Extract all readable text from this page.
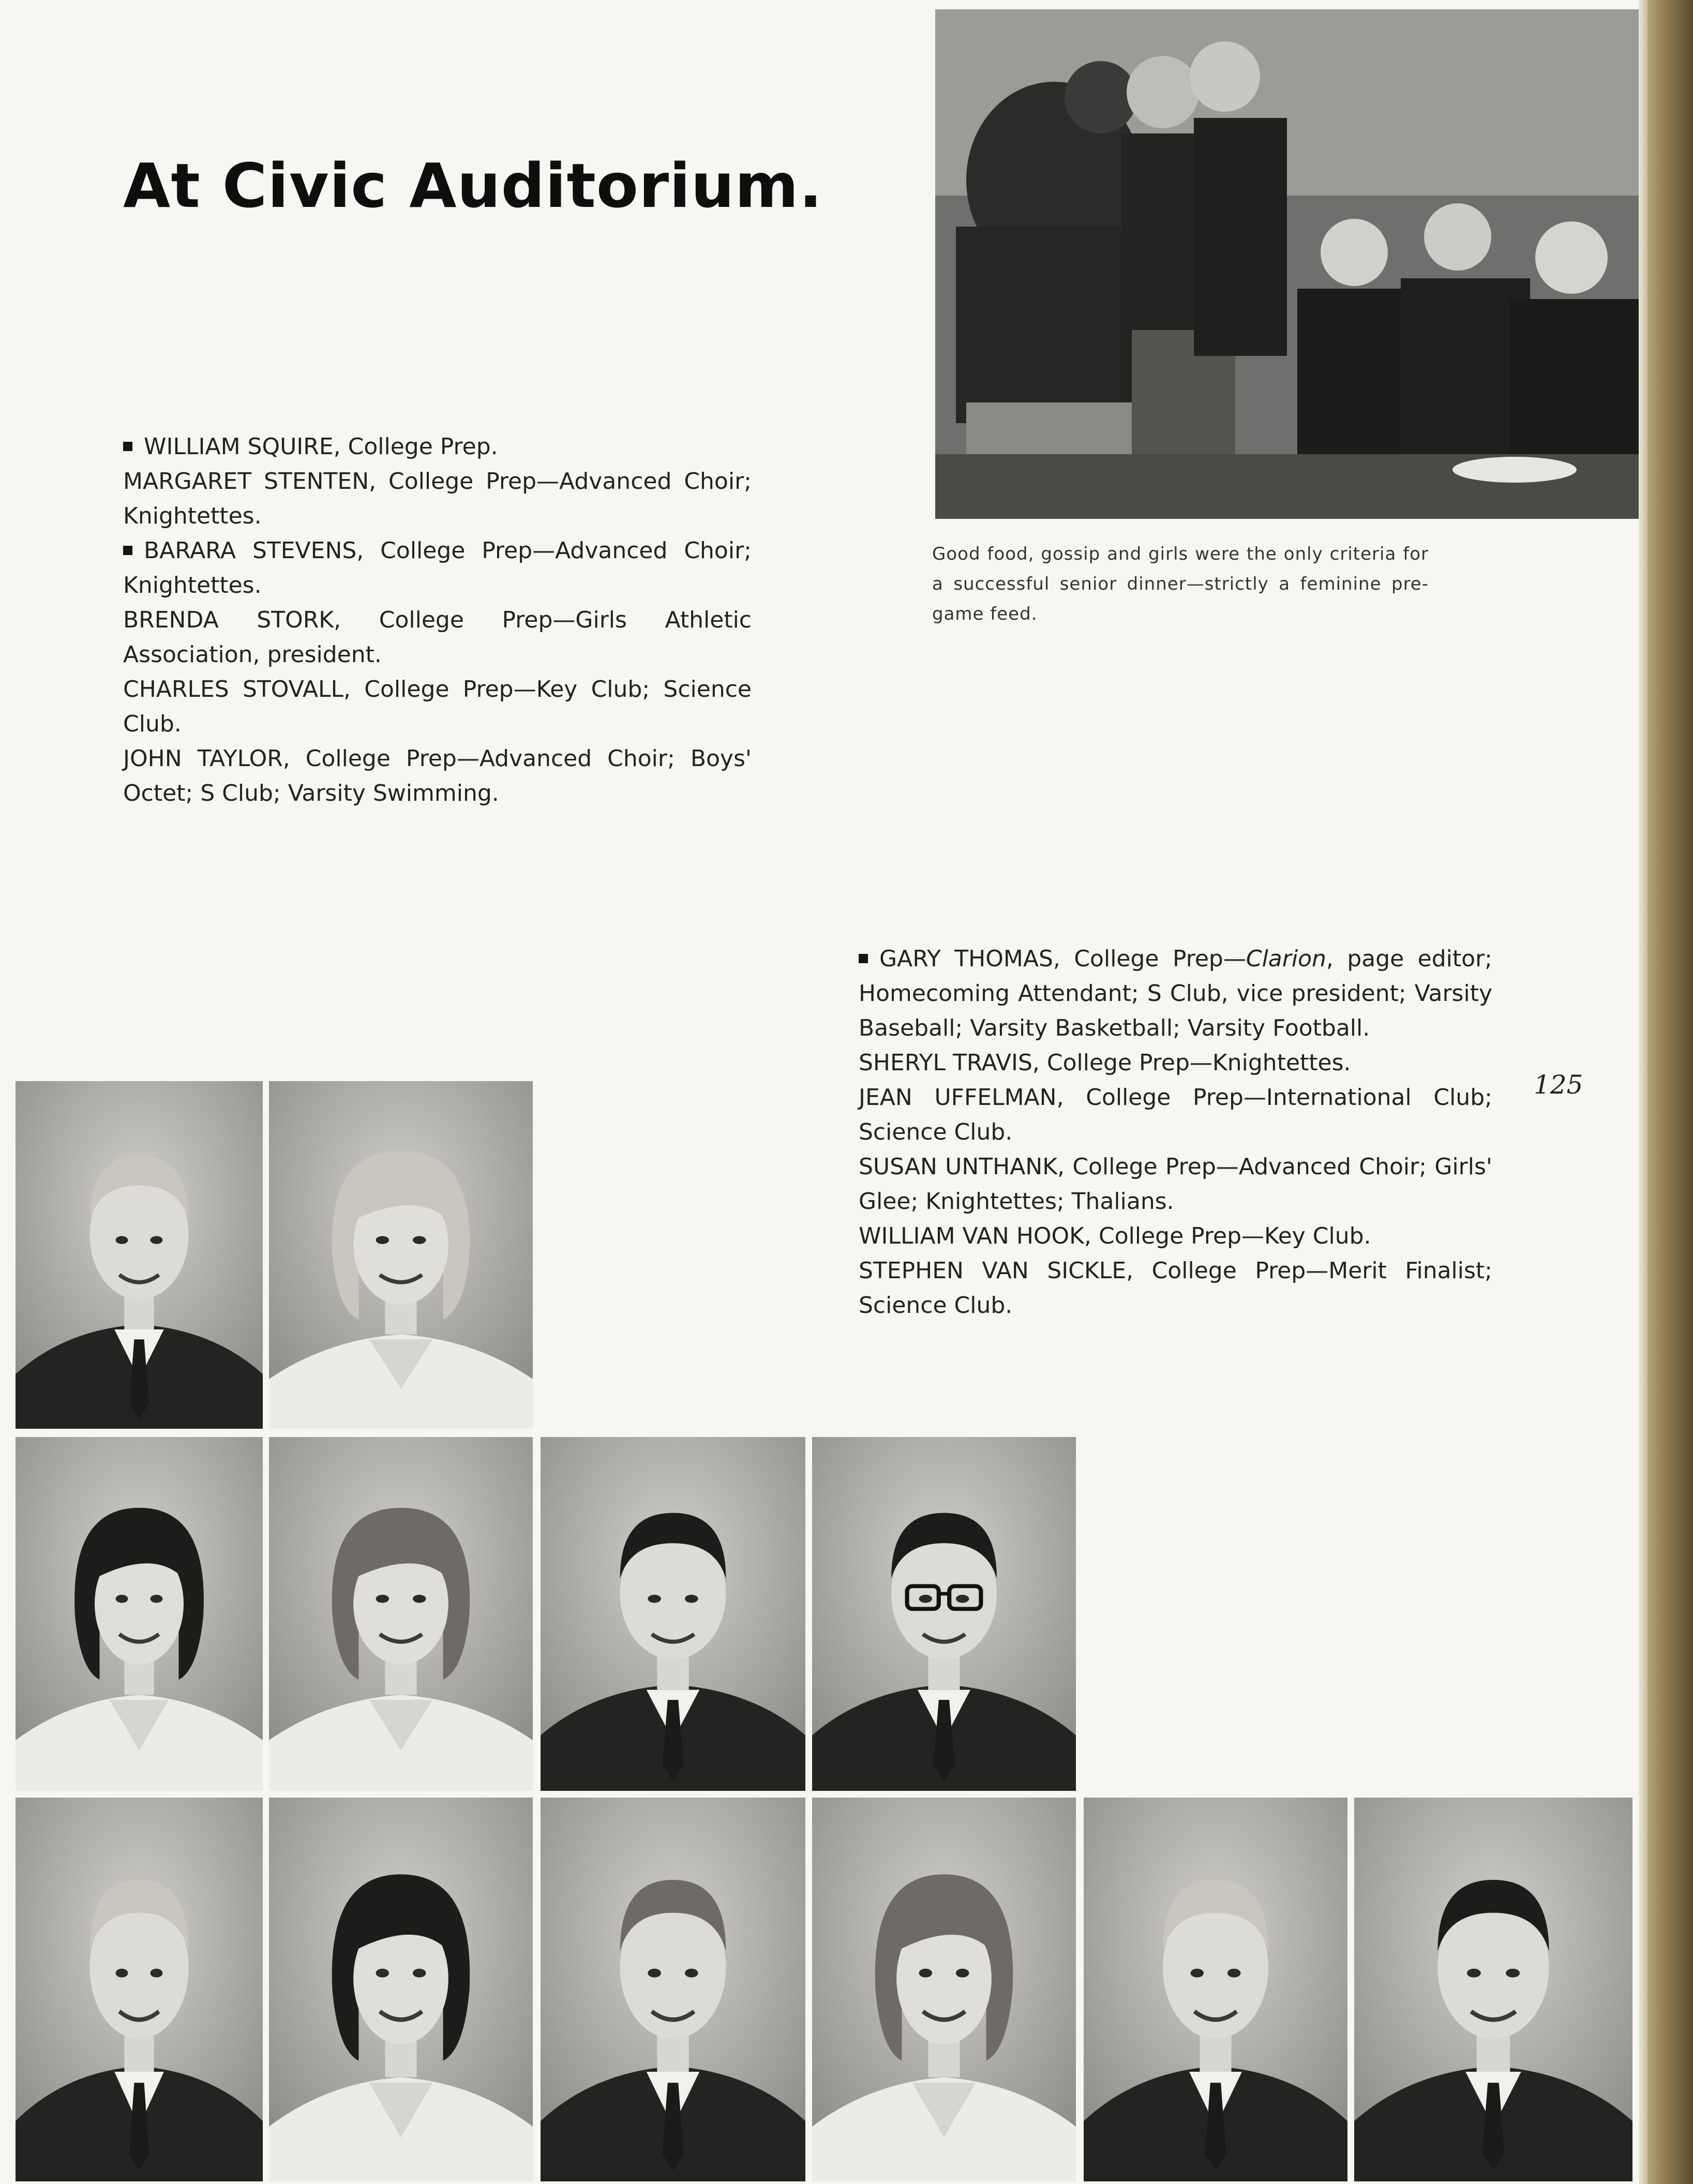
At Civic Auditorium.

WILLIAM SQUIRE, College Prep.

MARGARET STENTEN, College Prep—Advanced Choir; Knightettes.

BARARA STEVENS, College Prep—Advanced Choir; Knightettes.

BRENDA STORK, College Prep—Girls Athletic Association, president.

CHARLES STOVALL, College Prep—Key Club; Science Club.

JOHN TAYLOR, College Prep—Advanced Choir; Boys' Octet; S Club; Varsity Swimming.

Good food, gossip and girls were the only criteria for a successful senior dinner—strictly a feminine pre-game feed.

GARY THOMAS, College Prep—Clarion, page editor; Homecoming Attendant; S Club, vice president; Varsity Baseball; Varsity Basketball; Varsity Football.

SHERYL TRAVIS, College Prep—Knightettes.

JEAN UFFELMAN, College Prep—International Club; Science Club.

SUSAN UNTHANK, College Prep—Advanced Choir; Girls' Glee; Knightettes; Thalians.

WILLIAM VAN HOOK, College Prep—Key Club.

STEPHEN VAN SICKLE, College Prep—Merit Finalist; Science Club.

125
